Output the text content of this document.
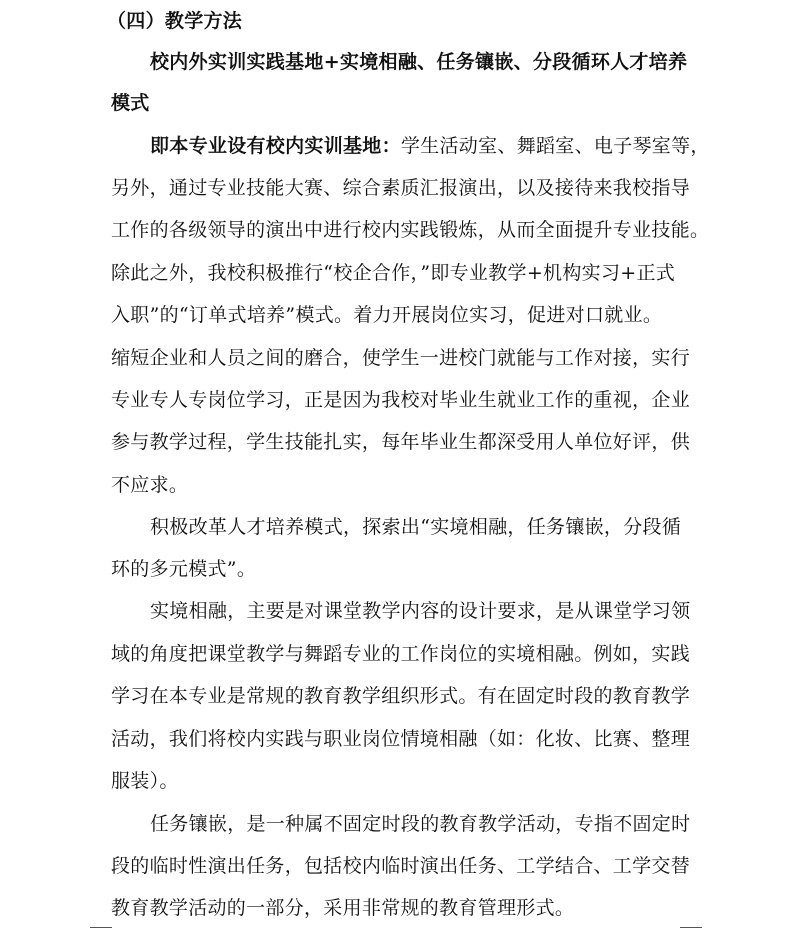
（四）教学方法
校内外实训实践基地+实境相融、任务镶嵌、分段循环人才培养
模式
即本专业设有校内实训基地：学生活动室、舞蹈室、电子琴室等，
另外，通过专业技能大赛、综合素质汇报演出，以及接待来我校指导
工作的各级领导的演出中进行校内实践锻炼，从而全面提升专业技能。
除此之外，我校积极推行“校企合作，”即专业教学+机构实习+正式
入职”的“订单式培养”模式。着力开展岗位实习，促进对口就业。
缩短企业和人员之间的磨合，使学生一进校门就能与工作对接，实行
专业专人专岗位学习，正是因为我校对毕业生就业工作的重视，企业
参与教学过程，学生技能扎实，每年毕业生都深受用人单位好评，供
不应求。
积极改革人才培养模式，探索出“实境相融，任务镶嵌，分段循
环的多元模式”。
实境相融，主要是对课堂教学内容的设计要求，是从课堂学习领
域的角度把课堂教学与舞蹈专业的工作岗位的实境相融。例如，实践
学习在本专业是常规的教育教学组织形式。有在固定时段的教育教学
活动，我们将校内实践与职业岗位情境相融（如：化妆、比赛、整理
服装）。
任务镶嵌，是一种属不固定时段的教育教学活动，专指不固定时
段的临时性演出任务，包括校内临时演出任务、工学结合、工学交替
教育教学活动的一部分，采用非常规的教育管理形式。
